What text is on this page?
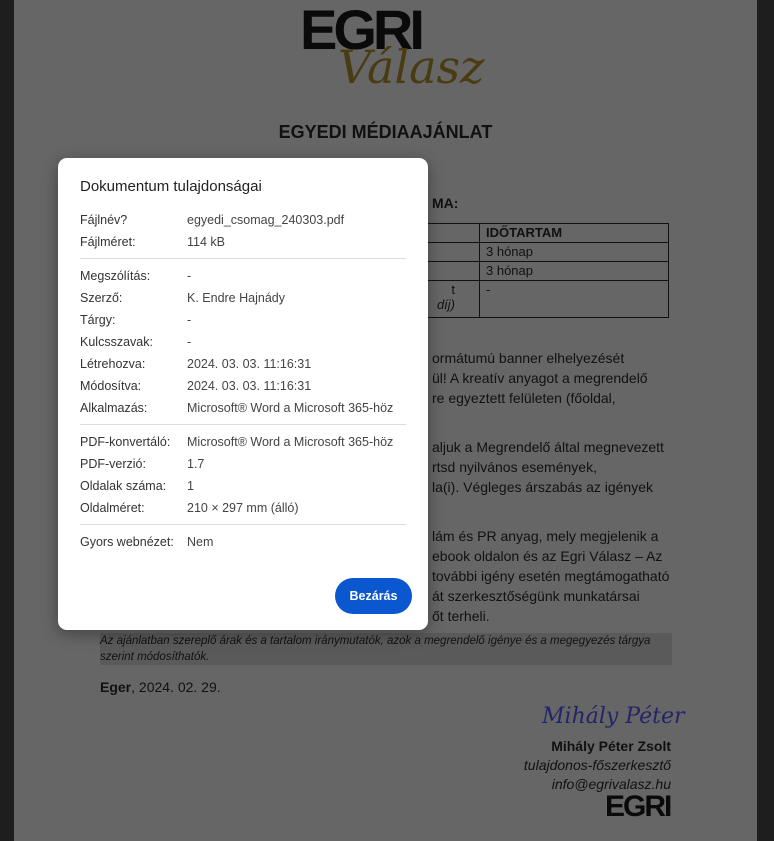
EGRI
Válasz
EGYEDI MÉDIAAJÁNLAT
MA:
	IDŐTARTAM
	3 hónap
	3 hónap
t
díj)	-
ormátumú banner elhelyezését
ül! A kreatív anyagot a megrendelő
re egyeztett felületen (főoldal,
aljuk a Megrendelő által megnevezett
rtsd nyilvános események,
la(i). Végleges árszabás az igények
lám és PR anyag, mely megjelenik a
ebook oldalon és az Egri Válasz – Az
további igény esetén megtámogatható
át szerkesztőségünk munkatársai
őt terheli.
Az ajánlatban szereplő árak és a tartalom iránymutatók, azok a megrendelő igénye és a megegyezés tárgya szerint módosíthatók.
Eger, 2024. 02. 29.
Mihály Péter
Mihály Péter Zsolt
tulajdonos-főszerkesztő
info@egrivalasz.hu
EGRI
Dokumentum tulajdonságai
Fájlnév?	egyedi_csomag_240303.pdf
Fájlméret:	114 kB
Megszólítás:	-
Szerző:	K. Endre Hajnády
Tárgy:	-
Kulcsszavak:	-
Létrehozva:	2024. 03. 03. 11:16:31
Módosítva:	2024. 03. 03. 11:16:31
Alkalmazás:	Microsoft® Word a Microsoft 365-höz
PDF-konvertáló:	Microsoft® Word a Microsoft 365-höz
PDF-verzió:	1.7
Oldalak száma:	1
Oldalméret:	210 × 297 mm (álló)
Gyors webnézet:	Nem
Bezárás
